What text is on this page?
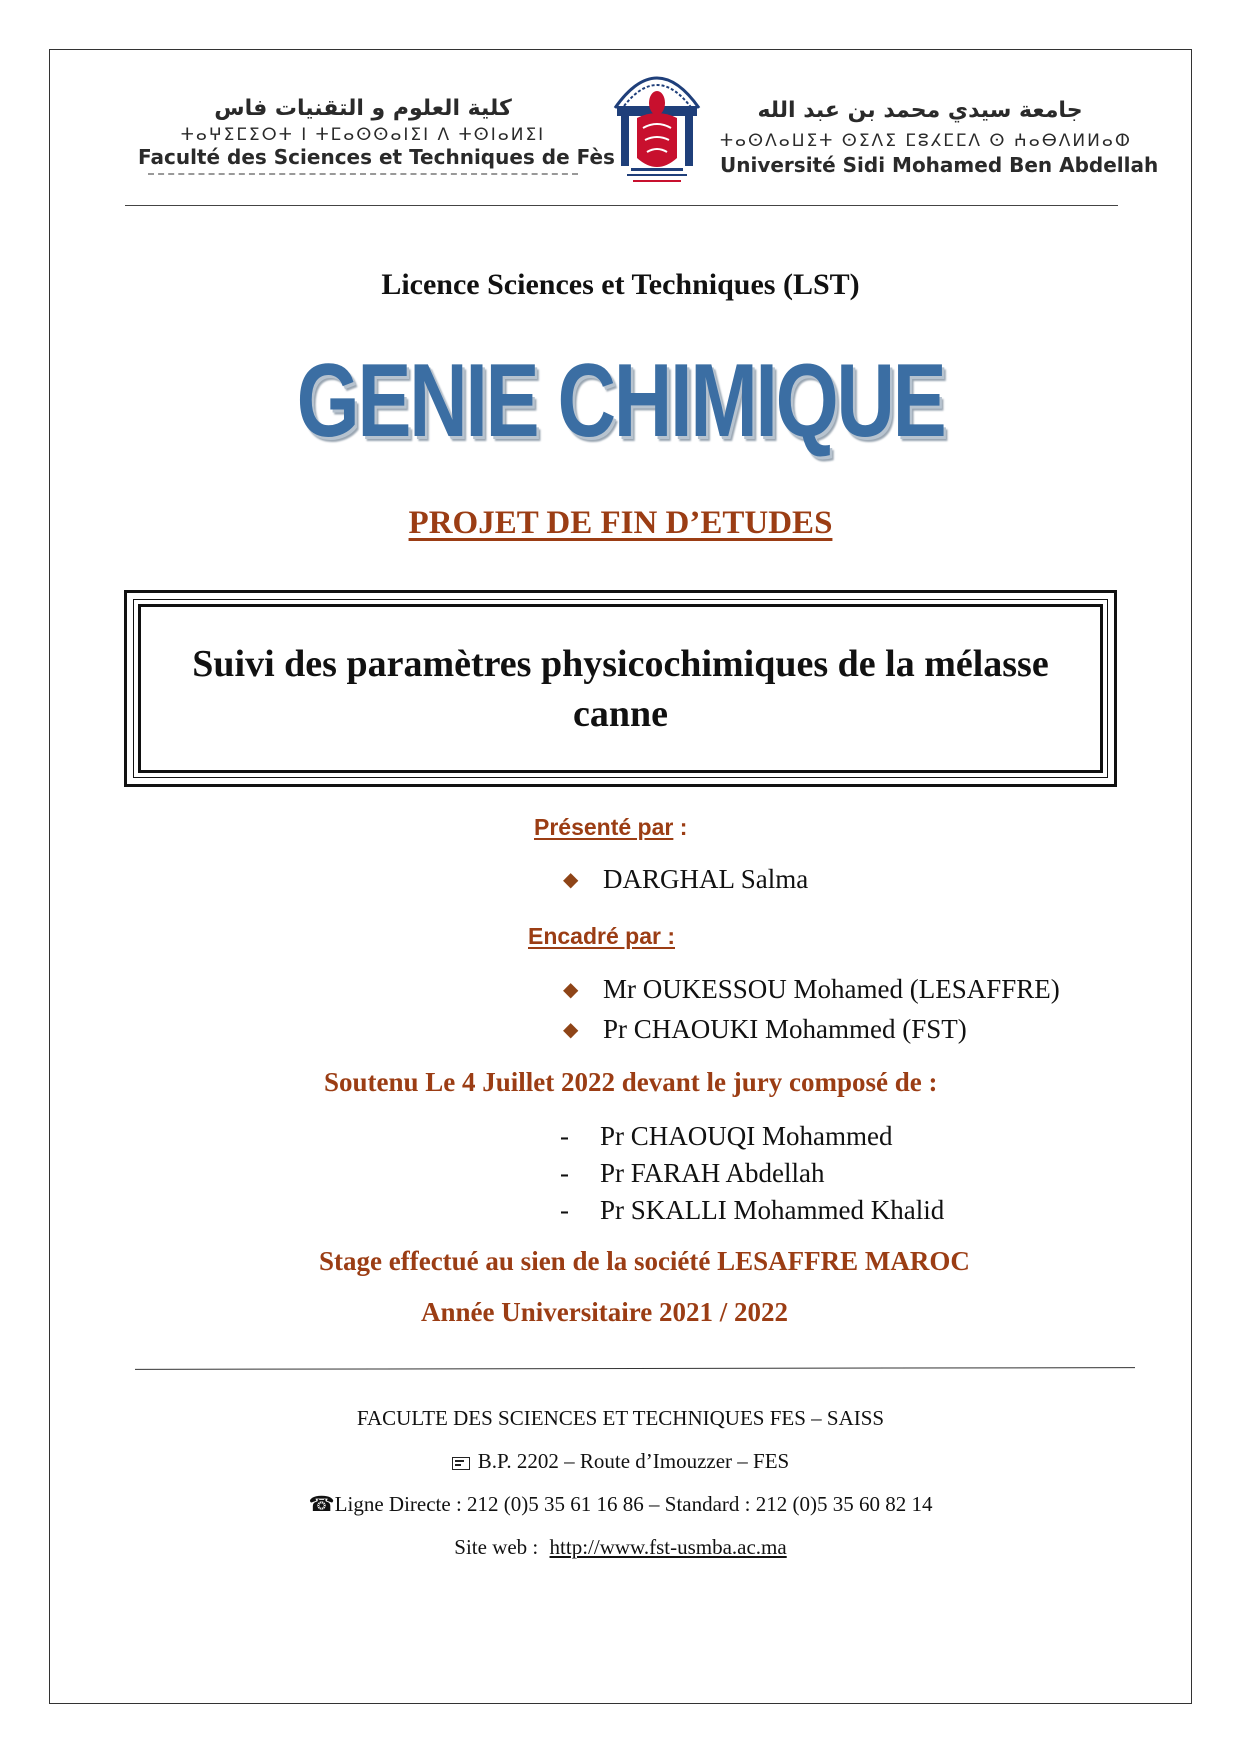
كلية العلوم و التقنيات فاس
ⵜⴰⵖⵉⵎⵉⵔⵜ ⵏ ⵜⵎⴰⵙⵙⴰⵏⵉⵏ ⴷ ⵜⵙⵏⴰⵍⵉⵏ
Faculté des Sciences et Techniques de Fès
جامعة سيدي محمد بن عبد الله
ⵜⴰⵙⴷⴰⵡⵉⵜ ⵙⵉⴷⵉ ⵎⵓⵃⵎⵎⴷ ⵙ ⵄⴰⴱⴷⵍⵍⴰⵀ
Université Sidi Mohamed Ben Abdellah
Licence Sciences et Techniques (LST)
GENIE CHIMIQUE
PROJET DE FIN D’ETUDES
Suivi des paramètres physicochimiques de la mélasse
canne
Présenté par :
◆ DARGHAL Salma
Encadré par :
◆ Mr OUKESSOU Mohamed (LESAFFRE)
◆ Pr CHAOUKI Mohammed (FST)
Soutenu Le 4 Juillet 2022 devant le jury composé de :
-	Pr CHAOUQI Mohammed
-	Pr FARAH Abdellah
-	Pr SKALLI Mohammed Khalid
Stage effectué au sien de la société LESAFFRE MAROC
Année Universitaire 2021 / 2022
FACULTE DES SCIENCES ET TECHNIQUES FES – SAISS
B.P. 2202 – Route d’Imouzzer – FES
☎Ligne Directe : 212 (0)5 35 61 16 86 – Standard : 212 (0)5 35 60 82 14
Site web : http://www.fst-usmba.ac.ma
